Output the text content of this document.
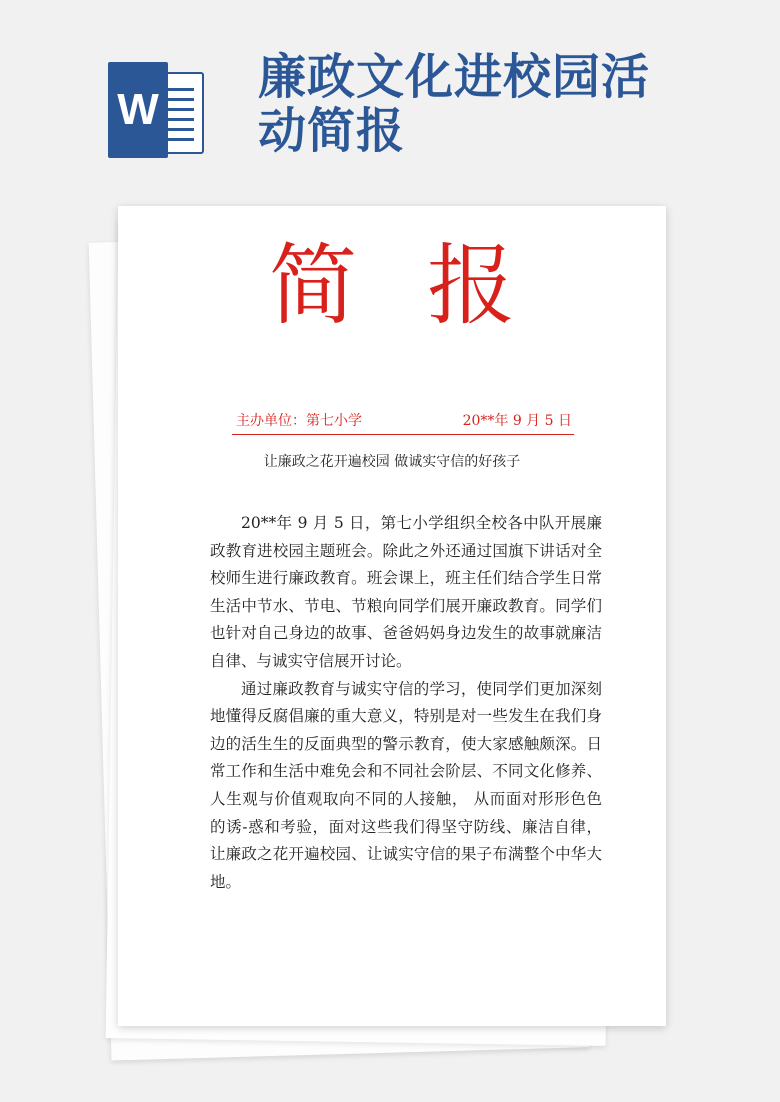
W
廉政文化进校园活动简报
简报
主办单位：第七小学	20**年 9 月 5 日
让廉政之花开遍校园 做诚实守信的好孩子

20**年 9 月 5 日，第七小学组织全校各中队开展廉政教育进校园主题班会。除此之外还通过国旗下讲话对全校师生进行廉政教育。班会课上，班主任们结合学生日常生活中节水、节电、节粮向同学们展开廉政教育。同学们也针对自己身边的故事、爸爸妈妈身边发生的故事就廉洁自律、与诚实守信展开讨论。

通过廉政教育与诚实守信的学习，使同学们更加深刻地懂得反腐倡廉的重大意义，特别是对一些发生在我们身边的活生生的反面典型的警示教育，使大家感触颇深。日常工作和生活中难免会和不同社会阶层、不同文化修养、人生观与价值观取向不同的人接触， 从而面对形形色色的诱-惑和考验，面对这些我们得坚守防线、廉洁自律， 让廉政之花开遍校园、让诚实守信的果子布满整个中华大地。
